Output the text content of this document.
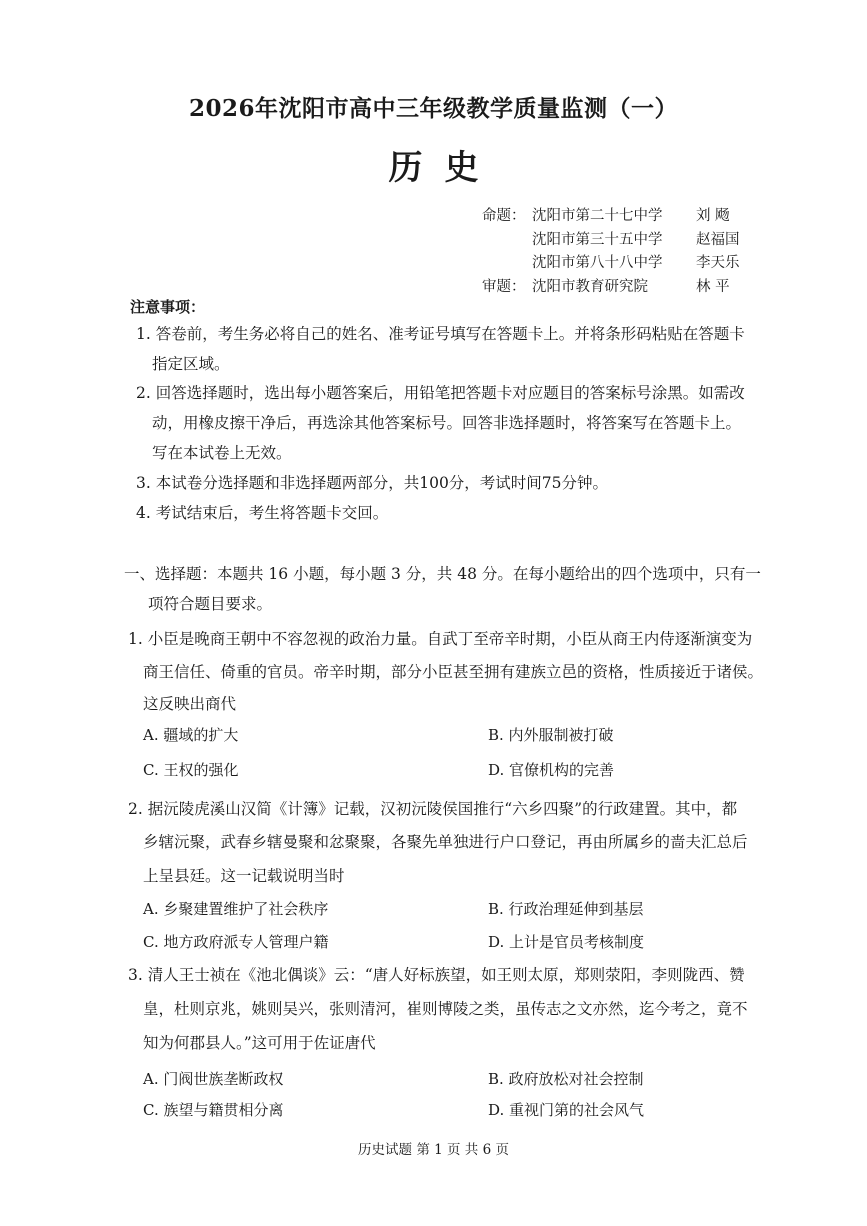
2026年沈阳市高中三年级教学质量监测（一）
历史
命题： 沈阳市第二十七中学 刘 飏
沈阳市第三十五中学 赵福国
沈阳市第八十八中学 李天乐
审题： 沈阳市教育研究院	林 平
注意事项：
1. 答卷前，考生务必将自己的姓名、准考证号填写在答题卡上。并将条形码粘贴在答题卡
指定区域。
2. 回答选择题时，选出每小题答案后，用铅笔把答题卡对应题目的答案标号涂黑。如需改
动，用橡皮擦干净后，再选涂其他答案标号。回答非选择题时，将答案写在答题卡上。
写在本试卷上无效。
3. 本试卷分选择题和非选择题两部分，共100分，考试时间75分钟。
4. 考试结束后，考生将答题卡交回。
一、选择题：本题共 16 小题，每小题 3 分，共 48 分。在每小题给出的四个选项中，只有一
项符合题目要求。
1. 小臣是晚商王朝中不容忽视的政治力量。自武丁至帝辛时期，小臣从商王内侍逐渐演变为
商王信任、倚重的官员。帝辛时期，部分小臣甚至拥有建族立邑的资格，性质接近于诸侯。
这反映出商代
A. 疆域的扩大	B. 内外服制被打破
C. 王权的强化	D. 官僚机构的完善
2. 据沅陵虎溪山汉简《计簿》记载，汉初沅陵侯国推行“六乡四聚”的行政建置。其中，都
乡辖沅聚，武春乡辖曼聚和忿聚聚，各聚先单独进行户口登记，再由所属乡的啬夫汇总后
上呈县廷。这一记载说明当时
A. 乡聚建置维护了社会秩序	B. 行政治理延伸到基层
C. 地方政府派专人管理户籍	D. 上计是官员考核制度
3. 清人王士祯在《池北偶谈》云：“唐人好标族望，如王则太原，郑则荥阳，李则陇西、赞
皇，杜则京兆，姚则吴兴，张则清河，崔则博陵之类，虽传志之文亦然，迄今考之，竟不
知为何郡县人。”这可用于佐证唐代
A. 门阀世族垄断政权	B. 政府放松对社会控制
C. 族望与籍贯相分离	D. 重视门第的社会风气
历史试题 第 1 页 共 6 页
